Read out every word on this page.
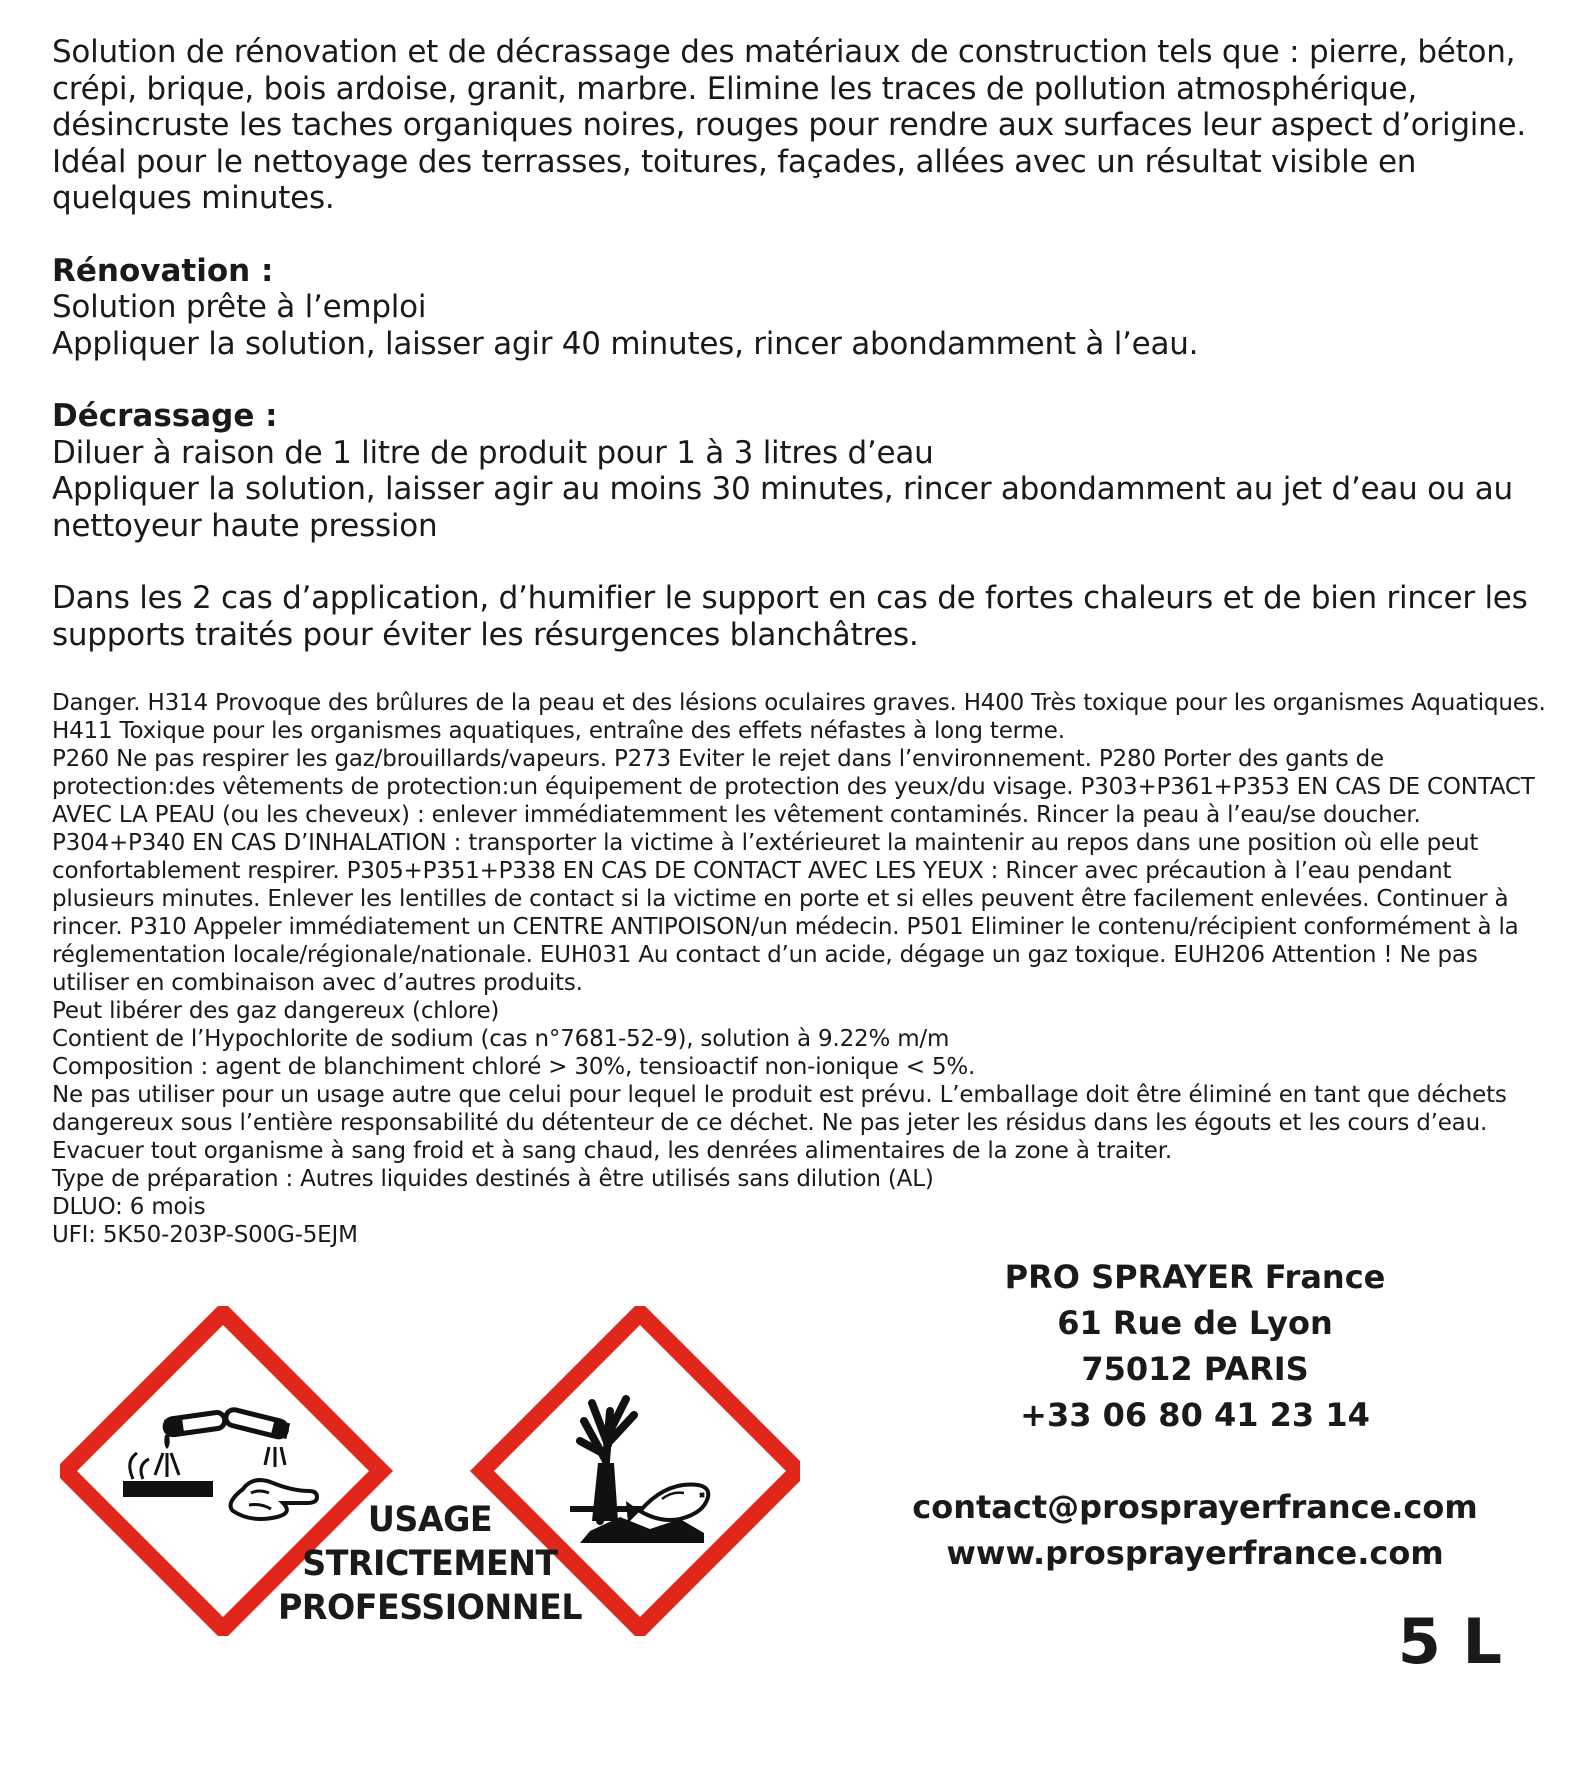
Solution de rénovation et de décrassage des matériaux de construction tels que : pierre, béton, crépi, brique, bois ardoise, granit, marbre. Elimine les traces de pollution atmosphérique, désincruste les taches organiques noires, rouges pour rendre aux surfaces leur aspect d’origine. Idéal pour le nettoyage des terrasses, toitures, façades, allées avec un résultat visible en quelques minutes.

Rénovation :

Solution prête à l’emploi

Appliquer la solution, laisser agir 40 minutes, rincer abondamment à l’eau.

Décrassage :

Diluer à raison de 1 litre de produit pour 1 à 3 litres d’eau

Appliquer la solution, laisser agir au moins 30 minutes, rincer abondamment au jet d’eau ou au nettoyeur haute pression

Dans les 2 cas d’application, d’humifier le support en cas de fortes chaleurs et de bien rincer les supports traités pour éviter les résurgences blanchâtres.

Danger. H314 Provoque des brûlures de la peau et des lésions oculaires graves. H400 Très toxique pour les organismes Aquatiques. H411 Toxique pour les organismes aquatiques, entraîne des effets néfastes à long terme.

P260 Ne pas respirer les gaz/brouillards/vapeurs. P273 Eviter le rejet dans l’environnement. P280 Porter des gants de protection:des vêtements de protection:un équipement de protection des yeux/du visage. P303+P361+P353 EN CAS DE CONTACT AVEC LA PEAU (ou les cheveux) : enlever immédiatemment les vêtement contaminés. Rincer la peau à l’eau/se doucher. P304+P340 EN CAS D’INHALATION : transporter la victime à l’extérieuret la maintenir au repos dans une position où elle peut confortablement respirer. P305+P351+P338 EN CAS DE CONTACT AVEC LES YEUX : Rincer avec précaution à l’eau pendant plusieurs minutes. Enlever les lentilles de contact si la victime en porte et si elles peuvent être facilement enlevées. Continuer à rincer. P310 Appeler immédiatement un CENTRE ANTIPOISON/un médecin. P501 Eliminer le contenu/récipient conformément à la réglementation locale/régionale/nationale. EUH031 Au contact d’un acide, dégage un gaz toxique. EUH206 Attention ! Ne pas utiliser en combinaison avec d’autres produits.

Peut libérer des gaz dangereux (chlore)

Contient de l’Hypochlorite de sodium (cas n°7681-52-9), solution à 9.22% m/m

Composition : agent de blanchiment chloré > 30%, tensioactif non-ionique < 5%.

Ne pas utiliser pour un usage autre que celui pour lequel le produit est prévu. L’emballage doit être éliminé en tant que déchets dangereux sous l’entière responsabilité du détenteur de ce déchet. Ne pas jeter les résidus dans les égouts et les cours d’eau. Evacuer tout organisme à sang froid et à sang chaud, les denrées alimentaires de la zone à traiter.

Type de préparation : Autres liquides destinés à être utilisés sans dilution (AL)

DLUO: 6 mois

UFI: 5K50-203P-S00G-5EJM

PRO SPRAYER France

61 Rue de Lyon

75012 PARIS

+33 06 80 41 23 14

contact@prosprayerfrance.com

www.prosprayerfrance.com

USAGE

STRICTEMENT

PROFESSIONNEL	5 L
